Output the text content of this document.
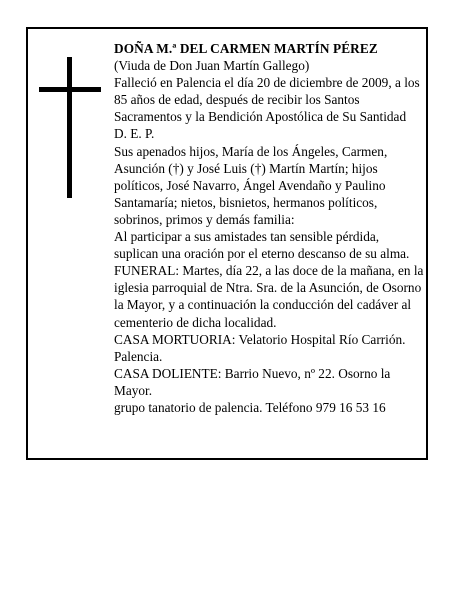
DOÑA M.ª DEL CARMEN MARTÍN PÉREZ

(Viuda de Don Juan Martín Gallego)

Falleció en Palencia el día 20 de diciembre de 2009, a los 85 años de edad, después de recibir los Santos Sacramentos y la Bendición Apostólica de Su Santidad

D. E. P.

Sus apenados hijos, María de los Ángeles, Carmen, Asunción (†) y José Luis (†) Martín Martín; hijos políticos, José Navarro, Ángel Avendaño y Paulino Santamaría; nietos, bisnietos, hermanos políticos, sobrinos, primos y demás familia:

Al participar a sus amistades tan sensible pérdida, suplican una oración por el eterno descanso de su alma.

FUNERAL: Martes, día 22, a las doce de la mañana, en la iglesia parroquial de Ntra. Sra. de la Asunción, de Osorno la Mayor, y a continuación la conducción del cadáver al cementerio de dicha localidad.

CASA MORTUORIA: Velatorio Hospital Río Carrión. Palencia.

CASA DOLIENTE: Barrio Nuevo, nº 22. Osorno la Mayor.

grupo tanatorio de palencia. Teléfono 979 16 53 16
